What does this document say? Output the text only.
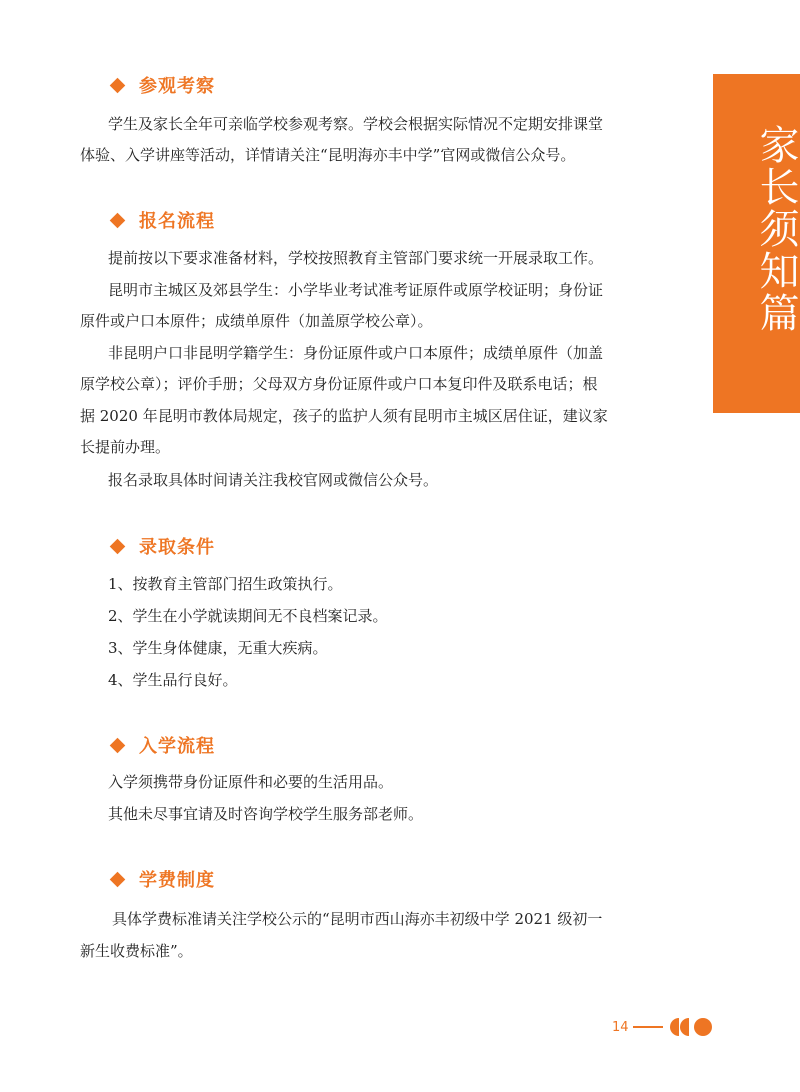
家长须知篇
参观考察

学生及家长全年可亲临学校参观考察。学校会根据实际情况不定期安排课堂

体验、入学讲座等活动，详情请关注“昆明海亦丰中学”官网或微信公众号。

报名流程

提前按以下要求准备材料，学校按照教育主管部门要求统一开展录取工作。

昆明市主城区及郊县学生：小学毕业考试准考证原件或原学校证明；身份证

原件或户口本原件；成绩单原件（加盖原学校公章）。

非昆明户口非昆明学籍学生：身份证原件或户口本原件；成绩单原件（加盖

原学校公章）；评价手册；父母双方身份证原件或户口本复印件及联系电话；根

据 2020 年昆明市教体局规定，孩子的监护人须有昆明市主城区居住证，建议家

长提前办理。

报名录取具体时间请关注我校官网或微信公众号。

录取条件

1、按教育主管部门招生政策执行。

2、学生在小学就读期间无不良档案记录。

3、学生身体健康，无重大疾病。

4、学生品行良好。

入学流程

入学须携带身份证原件和必要的生活用品。

其他未尽事宜请及时咨询学校学生服务部老师。

学费制度

具体学费标准请关注学校公示的“昆明市西山海亦丰初级中学 2021 级初一

新生收费标准”。

14
